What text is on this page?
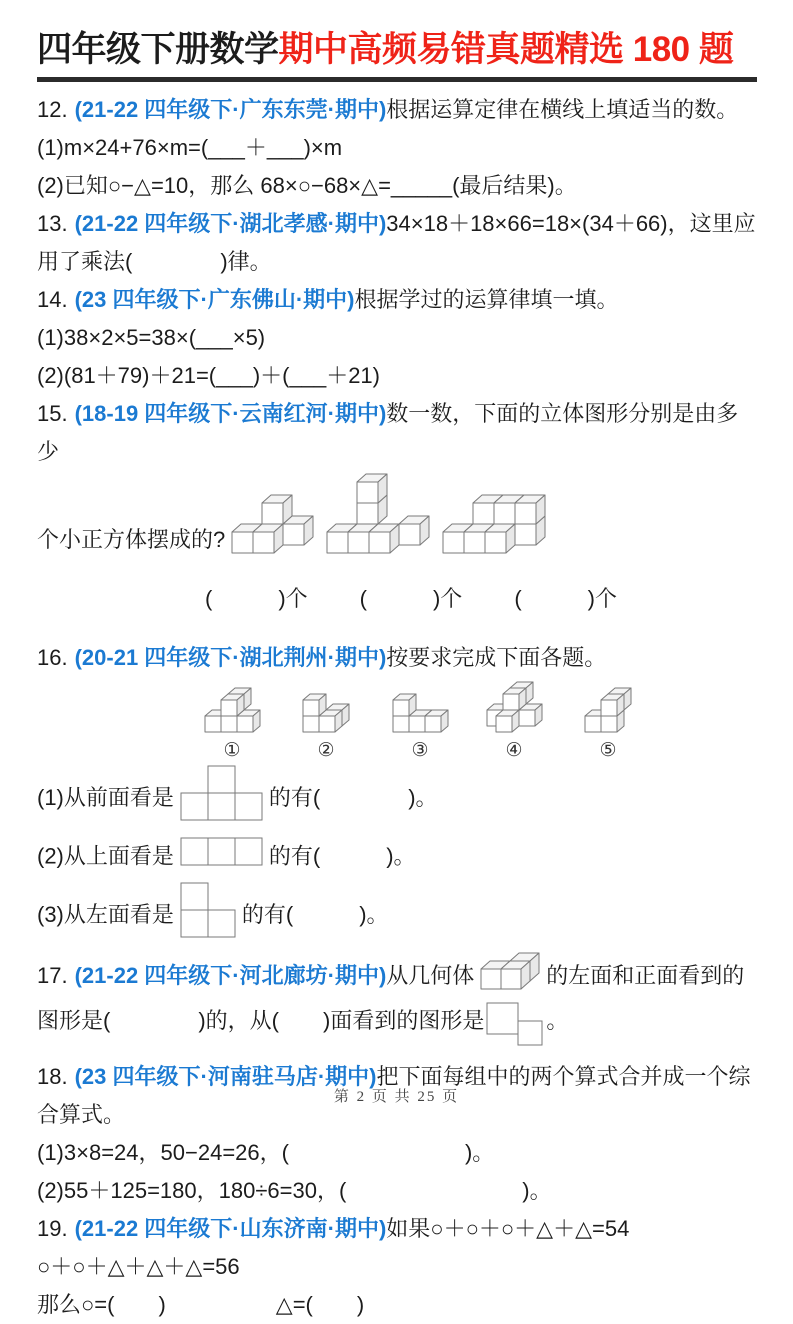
四年级下册数学期中高频易错真题精选 180 题

12. (21-22 四年级下·广东东莞·期中)根据运算定律在横线上填适当的数。

(1)m×24+76×m=(___＋___)×m

(2)已知○−△=10，那么 68×○−68×△=_____(最后结果)。

13. (21-22 四年级下·湖北孝感·期中)34×18＋18×66=18×(34＋66)，这里应用了乘法(　　　　)律。

14. (23 四年级下·广东佛山·期中)根据学过的运算律填一填。

(1)38×2×5=38×(___×5)

(2)(81＋79)＋21=(___)＋(___＋21)

15. (18-19 四年级下·云南红河·期中)数一数，下面的立体图形分别是由多少

个小正方体摆成的?

(　　　)个 (　　　)个 (　　　)个

16. (20-21 四年级下·湖北荆州·期中)按要求完成下面各题。

①	②	③	④	⑤

(1)从前面看是	的有(　　　　)。

(2)从上面看是	的有(　　　)。

(3)从左面看是	的有(　　　)。

17. (21-22 四年级下·河北廊坊·期中)从几何体	的左面和正面看到的图形是(　　　　)的，从(　　)面看到的图形是	。

18. (23 四年级下·河南驻马店·期中)把下面每组中的两个算式合并成一个综合算式。

(1)3×8=24，50−24=26，(　　　　　　　　)。

(2)55＋125=180，180÷6=30，(　　　　　　　　)。

19. (21-22 四年级下·山东济南·期中)如果○＋○＋○＋△＋△=54

○＋○＋△＋△＋△=56

那么○=(　　)　　　　　△=(　　)

第 2 页 共 25 页
